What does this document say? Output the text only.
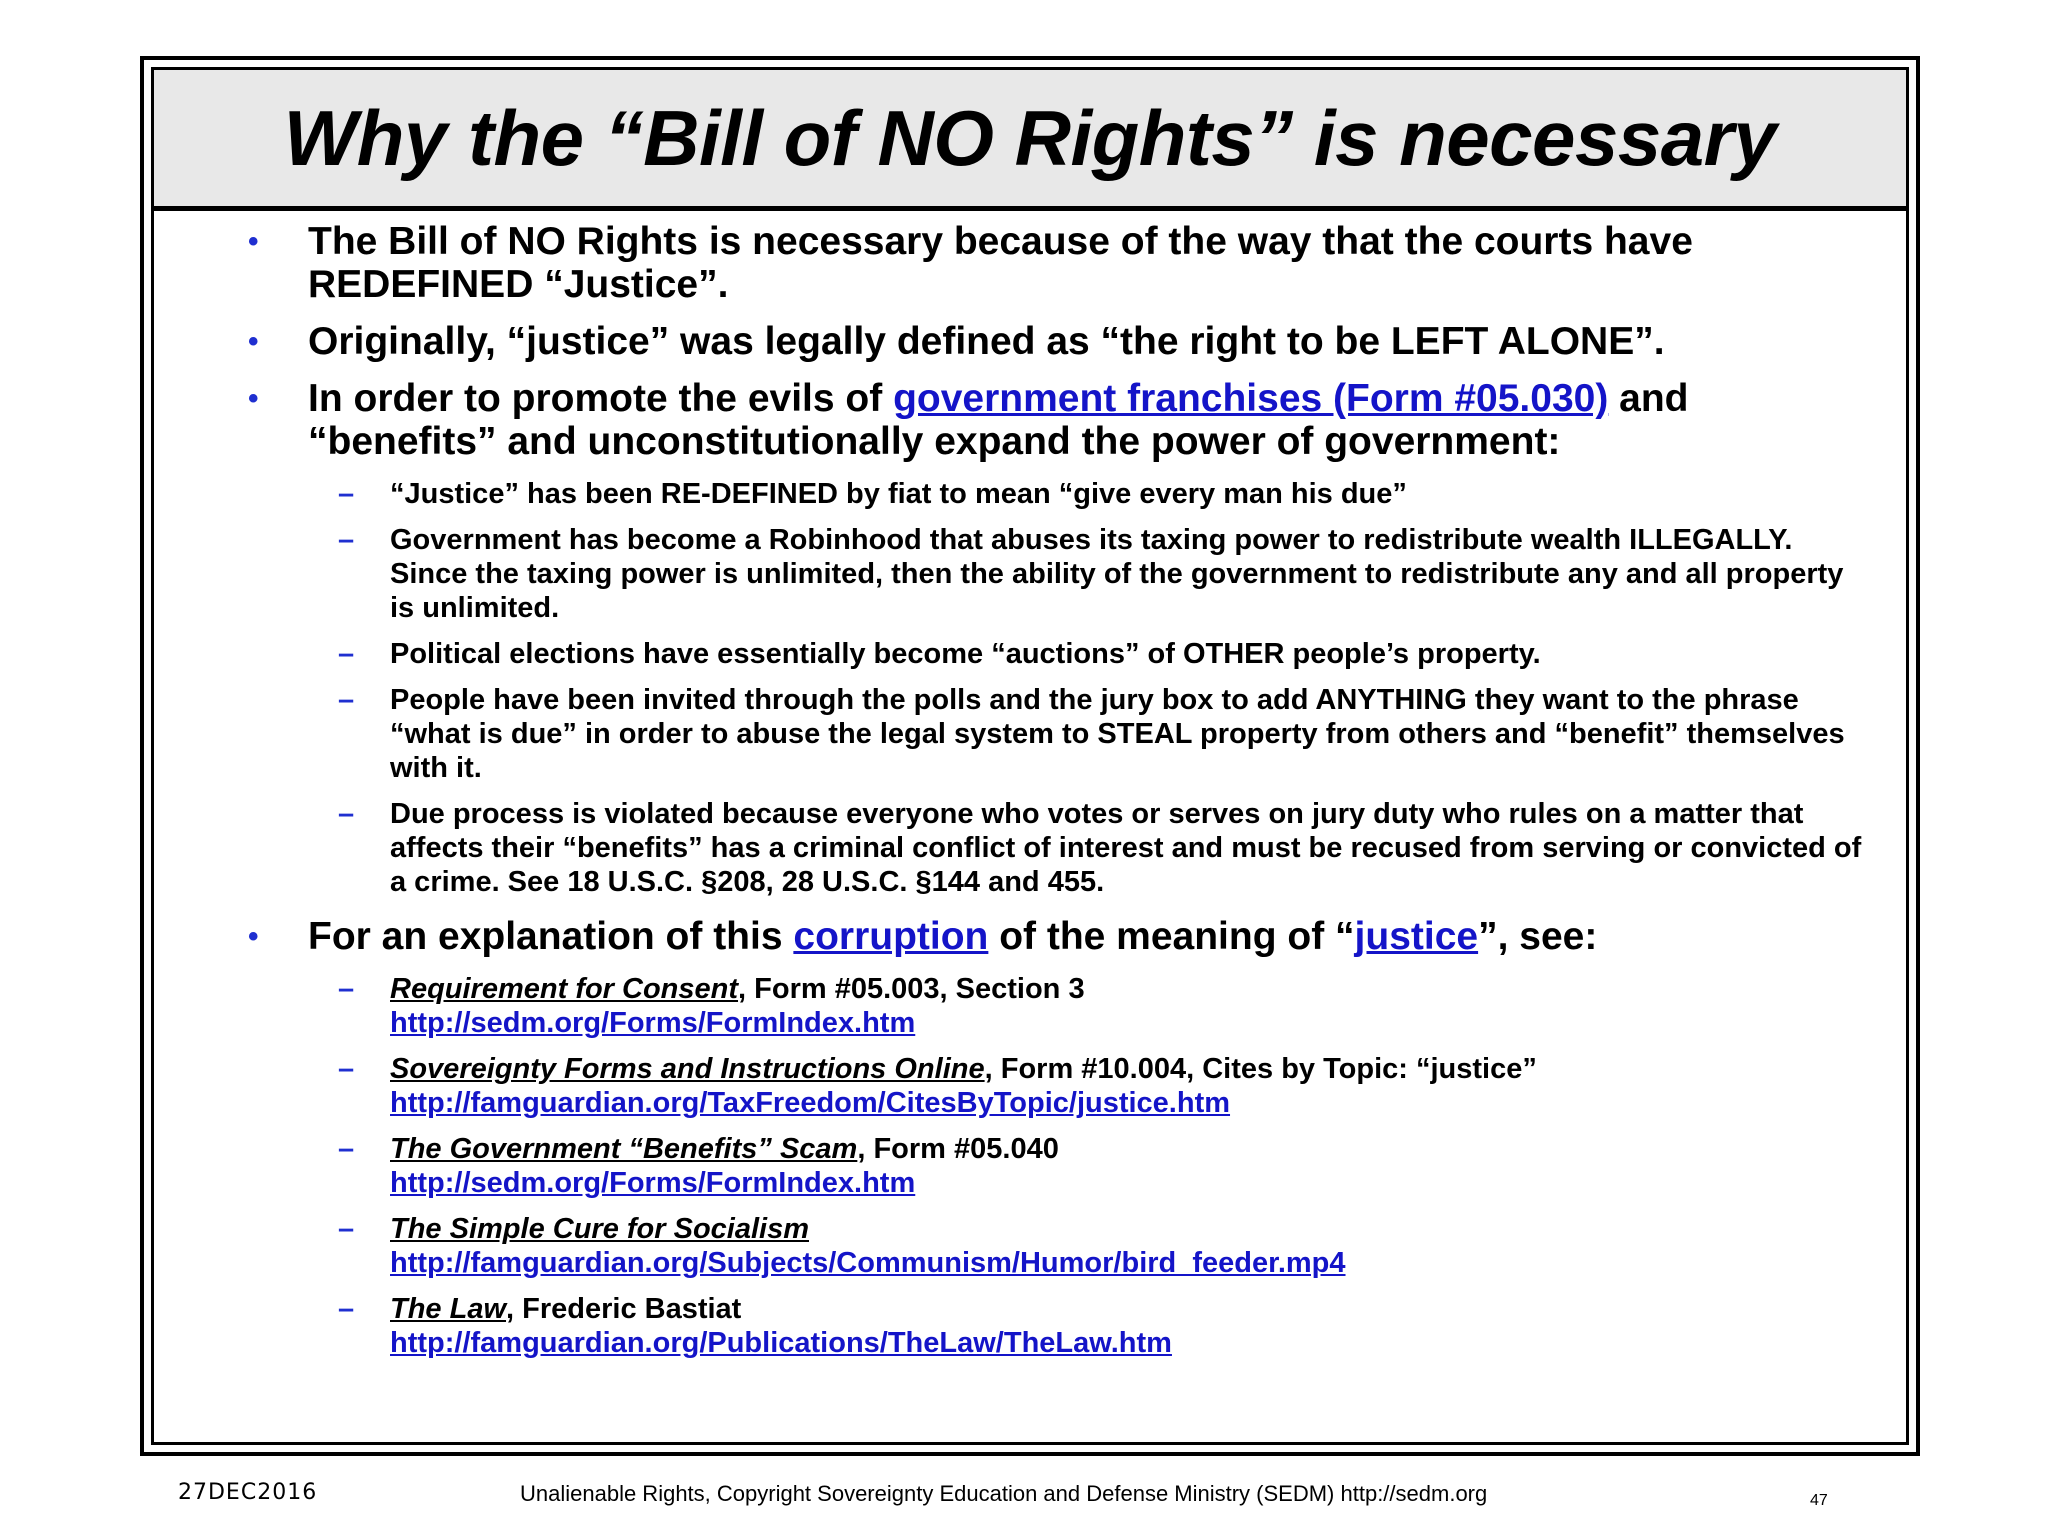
Why the “Bill of NO Rights” is necessary
• The Bill of NO Rights is necessary because of the way that the courts have REDEFINED “Justice”.
• Originally, “justice” was legally defined as “the right to be LEFT ALONE”.
• In order to promote the evils of government franchises (Form #05.030) and “benefits” and unconstitutionally expand the power of government:
– “Justice” has been RE-DEFINED by fiat to mean “give every man his due”
– Government has become a Robinhood that abuses its taxing power to redistribute wealth ILLEGALLY. Since the taxing power is unlimited, then the ability of the government to redistribute any and all property is unlimited.
– Political elections have essentially become “auctions” of OTHER people’s property.
– People have been invited through the polls and the jury box to add ANYTHING they want to the phrase “what is due” in order to abuse the legal system to STEAL property from others and “benefit” themselves with it.
– Due process is violated because everyone who votes or serves on jury duty who rules on a matter that affects their “benefits” has a criminal conflict of interest and must be recused from serving or convicted of a crime. See 18 U.S.C. §208, 28 U.S.C. §144 and 455.
• For an explanation of this corruption of the meaning of “justice”, see:
– Requirement for Consent, Form #05.003, Section 3
http://sedm.org/Forms/FormIndex.htm
– Sovereignty Forms and Instructions Online, Form #10.004, Cites by Topic: “justice”
http://famguardian.org/TaxFreedom/CitesByTopic/justice.htm
– The Government “Benefits” Scam, Form #05.040
http://sedm.org/Forms/FormIndex.htm
– The Simple Cure for Socialism
http://famguardian.org/Subjects/Communism/Humor/bird_feeder.mp4
– The Law, Frederic Bastiat
http://famguardian.org/Publications/TheLaw/TheLaw.htm
27DEC2016	Unalienable Rights, Copyright Sovereignty Education and Defense Ministry (SEDM) http://sedm.org	47
